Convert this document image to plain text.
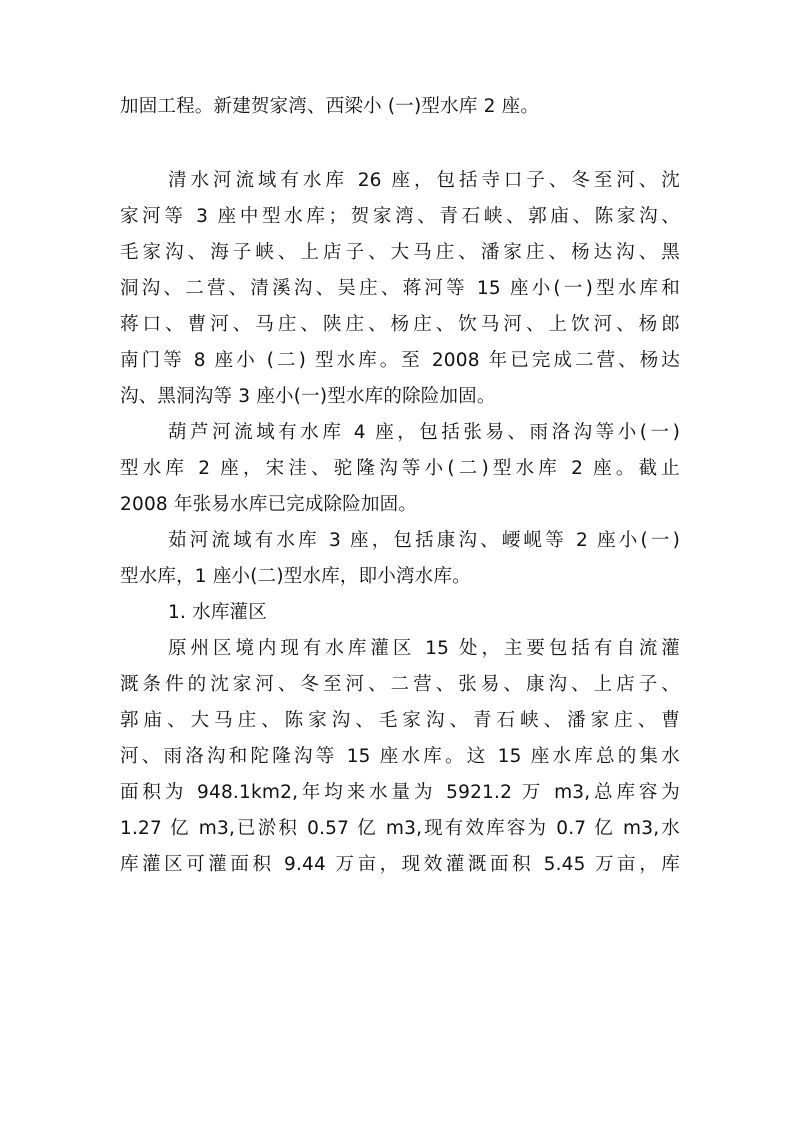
加固工程。新建贺家湾、西梁小 (一)型水库 2 座。
清水河流域有水库 26 座，包括寺口子、冬至河、沈
家河等 3 座中型水库；贺家湾、青石峡、郭庙、陈家沟、
毛家沟、海子峡、上店子、大马庄、潘家庄、杨达沟、黑
洞沟、二营、清溪沟、吴庄、蒋河等 15 座小(一)型水库和
蒋口、曹河、马庄、陕庄、杨庄、饮马河、上饮河、杨郎
南门等 8 座小 (二) 型水库。至 2008 年已完成二营、杨达
沟、黑洞沟等 3 座小(一)型水库的除险加固。
葫芦河流域有水库 4 座，包括张易、雨洛沟等小(一)
型水库 2 座，宋洼、驼隆沟等小(二)型水库 2 座。截止
2008 年张易水库已完成除险加固。
茹河流域有水库 3 座，包括康沟、崾岘等 2 座小(一)
型水库，1 座小(二)型水库，即小湾水库。
1. 水库灌区
原州区境内现有水库灌区 15 处，主要包括有自流灌
溉条件的沈家河、冬至河、二营、张易、康沟、上店子、
郭庙、大马庄、陈家沟、毛家沟、青石峡、潘家庄、曹
河、雨洛沟和陀隆沟等 15 座水库。这 15 座水库总的集水
面积为 948.1km2,年均来水量为 5921.2 万 m3,总库容为
1.27 亿 m3,已淤积 0.57 亿 m3,现有效库容为 0.7 亿 m3,水
库灌区可灌面积 9.44 万亩，现效灌溉面积 5.45 万亩，库
